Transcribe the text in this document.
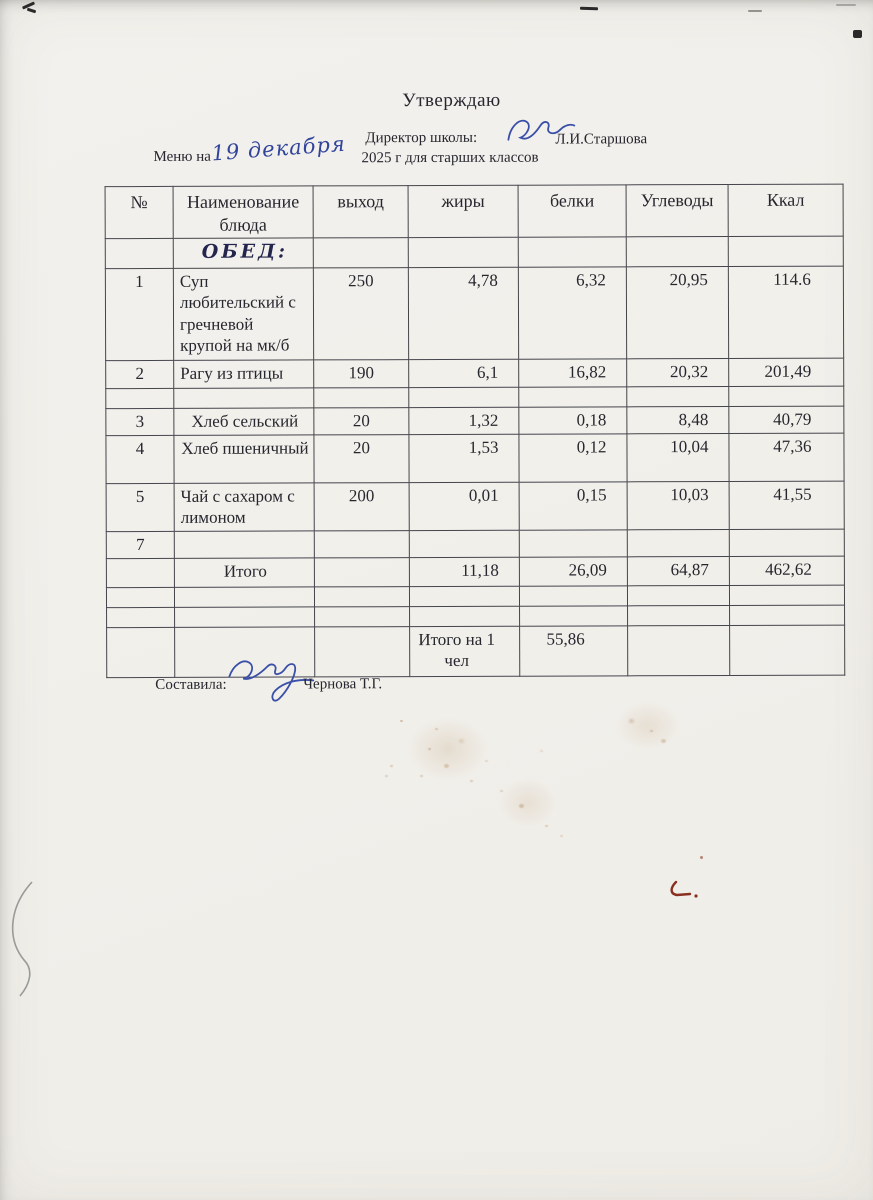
Утверждаю
Директор школы:	Л.И.Старшова
Меню на 19 декабря 2025 г для старших классов
№	Наименование блюда	выход	жиры	белки	Углеводы	Ккал
	ОБЕД:					
1	Суп любительский с гречневой крупой на мк/б	250	4,78	6,32	20,95	114.6
2	Рагу из птицы	190	6,1	16,82	20,32	201,49

3	Хлеб сельский	20	1,32	0,18	8,48	40,79
4	Хлеб пшеничный	20	1,53	0,12	10,04	47,36
5	Чай с сахаром с лимоном	200	0,01	0,15	10,03	41,55
7						
	Итого		11,18	26,09	64,87	462,62

			Итого на 1 чел	55,86		
Составила:	Чернова Т.Г.
